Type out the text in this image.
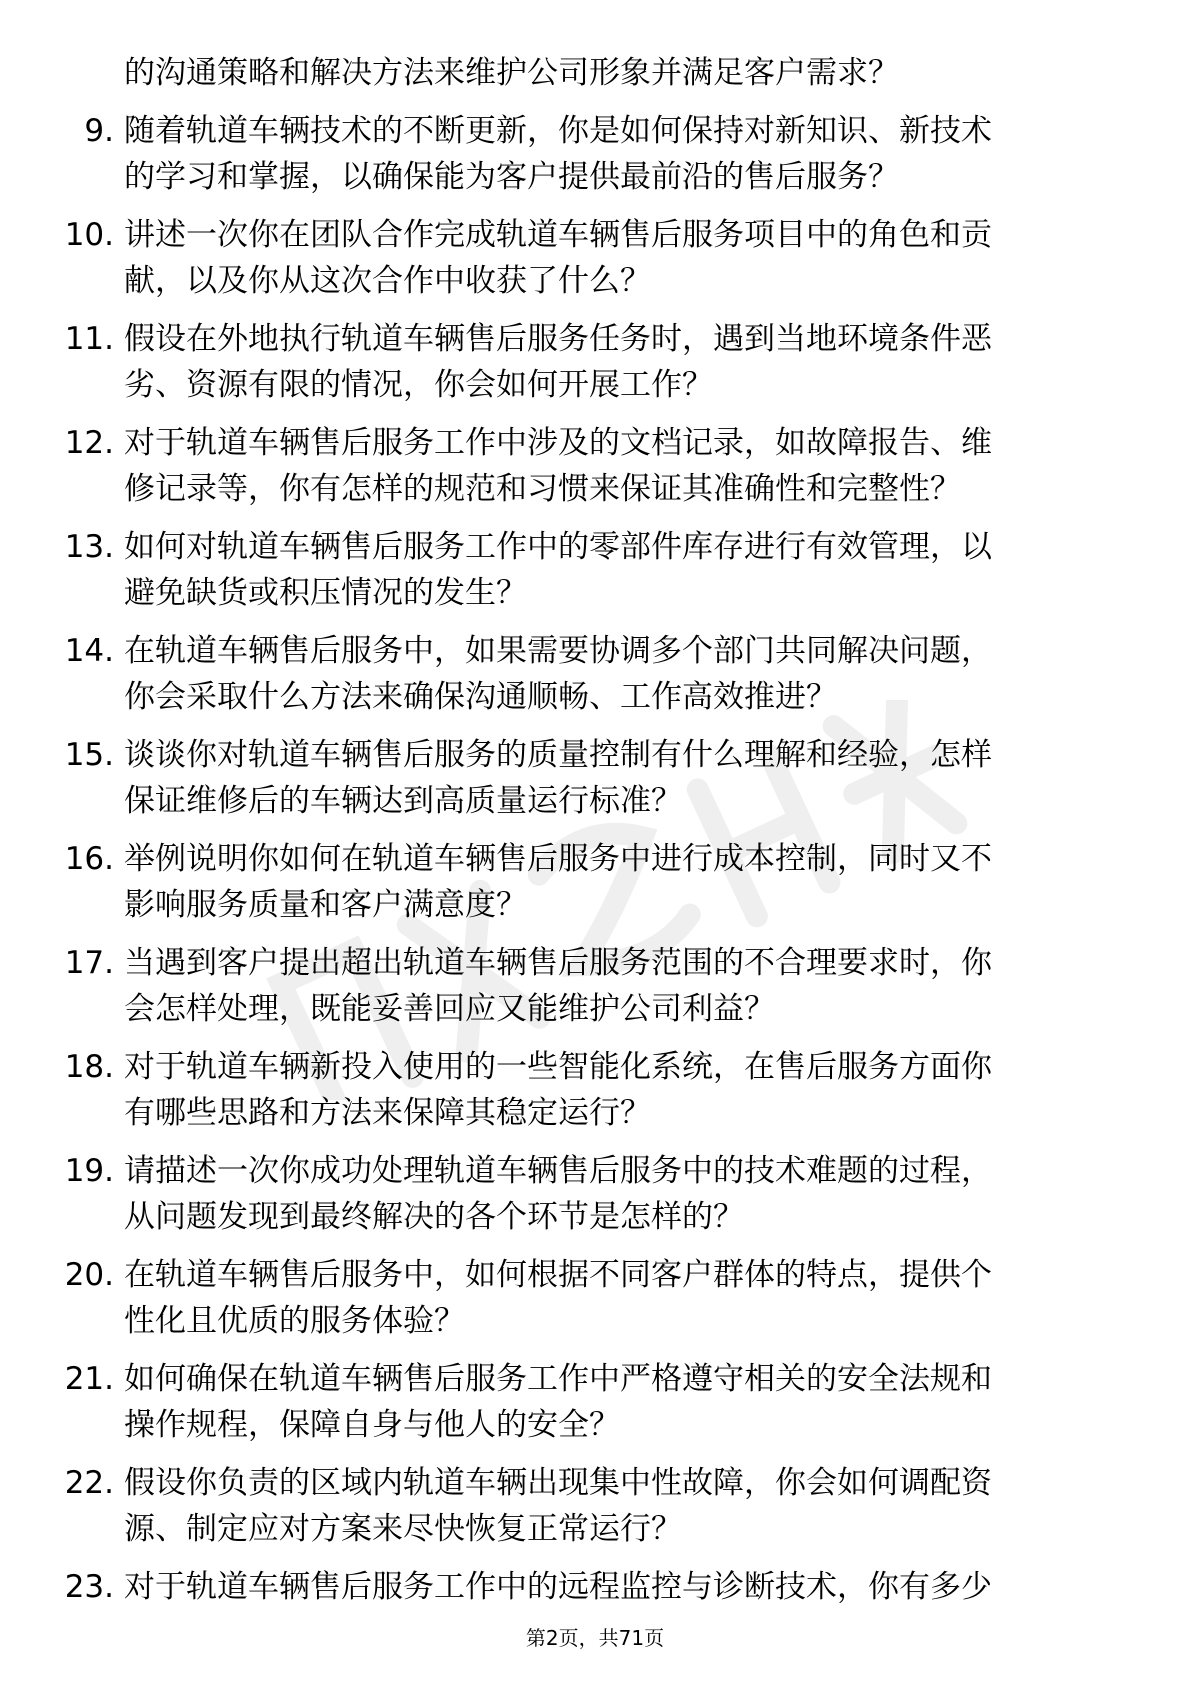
的沟通策略和解决方法来维护公司形象并满足客户需求？
9. 随着轨道车辆技术的不断更新，你是如何保持对新知识、新技术
的学习和掌握，以确保能为客户提供最前沿的售后服务？
10. 讲述一次你在团队合作完成轨道车辆售后服务项目中的角色和贡
献，以及你从这次合作中收获了什么？
11. 假设在外地执行轨道车辆售后服务任务时，遇到当地环境条件恶
劣、资源有限的情况，你会如何开展工作？
12. 对于轨道车辆售后服务工作中涉及的文档记录，如故障报告、维
修记录等，你有怎样的规范和习惯来保证其准确性和完整性？
13. 如何对轨道车辆售后服务工作中的零部件库存进行有效管理，以
避免缺货或积压情况的发生？
14. 在轨道车辆售后服务中，如果需要协调多个部门共同解决问题，
你会采取什么方法来确保沟通顺畅、工作高效推进？
15. 谈谈你对轨道车辆售后服务的质量控制有什么理解和经验，怎样
保证维修后的车辆达到高质量运行标准？
16. 举例说明你如何在轨道车辆售后服务中进行成本控制，同时又不
影响服务质量和客户满意度？
17. 当遇到客户提出超出轨道车辆售后服务范围的不合理要求时，你
会怎样处理，既能妥善回应又能维护公司利益？
18. 对于轨道车辆新投入使用的一些智能化系统，在售后服务方面你
有哪些思路和方法来保障其稳定运行？
19. 请描述一次你成功处理轨道车辆售后服务中的技术难题的过程，
从问题发现到最终解决的各个环节是怎样的？
20. 在轨道车辆售后服务中，如何根据不同客户群体的特点，提供个
性化且优质的服务体验？
21. 如何确保在轨道车辆售后服务工作中严格遵守相关的安全法规和
操作规程，保障自身与他人的安全？
22. 假设你负责的区域内轨道车辆出现集中性故障，你会如何调配资
源、制定应对方案来尽快恢复正常运行？
23. 对于轨道车辆售后服务工作中的远程监控与诊断技术，你有多少
第2页，共71页
